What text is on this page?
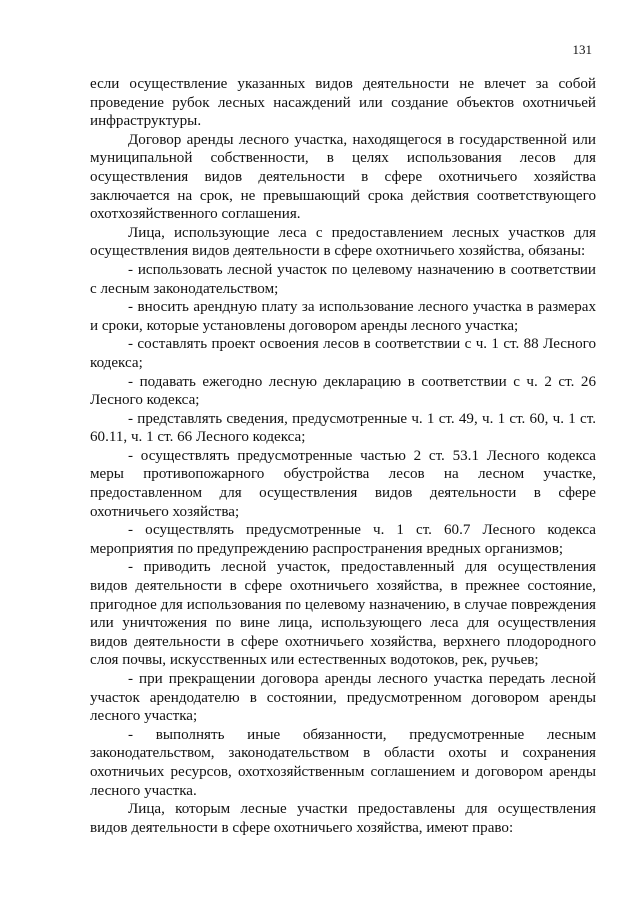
131

если осуществление указанных видов деятельности не влечет за собой проведение рубок лесных насаждений или создание объектов охотничьей инфраструктуры.

Договор аренды лесного участка, находящегося в государственной или муниципальной собственности, в целях использования лесов для осуществления видов деятельности в сфере охотничьего хозяйства заключается на срок, не превышающий срока действия соответствующего охотхозяйственного соглашения.

Лица, использующие леса с предоставлением лесных участков для осуществления видов деятельности в сфере охотничьего хозяйства, обязаны:

- использовать лесной участок по целевому назначению в соответствии с лесным законодательством;

- вносить арендную плату за использование лесного участка в размерах и сроки, которые установлены договором аренды лесного участка;

- составлять проект освоения лесов в соответствии с ч. 1 ст. 88 Лесного кодекса;

- подавать ежегодно лесную декларацию в соответствии с ч. 2 ст. 26 Лесного кодекса;

- представлять сведения, предусмотренные ч. 1 ст. 49, ч. 1 ст. 60, ч. 1 ст. 60.11, ч. 1 ст. 66 Лесного кодекса;

- осуществлять предусмотренные частью 2 ст. 53.1 Лесного кодекса меры противопожарного обустройства лесов на лесном участке, предоставленном для осуществления видов деятельности в сфере охотничьего хозяйства;

- осуществлять предусмотренные ч. 1 ст. 60.7 Лесного кодекса мероприятия по предупреждению распространения вредных организмов;

- приводить лесной участок, предоставленный для осуществления видов деятельности в сфере охотничьего хозяйства, в прежнее состояние, пригодное для использования по целевому назначению, в случае повреждения или уничтожения по вине лица, использующего леса для осуществления видов деятельности в сфере охотничьего хозяйства, верхнего плодородного слоя почвы, искусственных или естественных водотоков, рек, ручьев;

- при прекращении договора аренды лесного участка передать лесной участок арендодателю в состоянии, предусмотренном договором аренды лесного участка;

- выполнять иные обязанности, предусмотренные лесным законодательством, законодательством в области охоты и сохранения охотничьих ресурсов, охотхозяйственным соглашением и договором аренды лесного участка.

Лица, которым лесные участки предоставлены для осуществления видов деятельности в сфере охотничьего хозяйства, имеют право:
